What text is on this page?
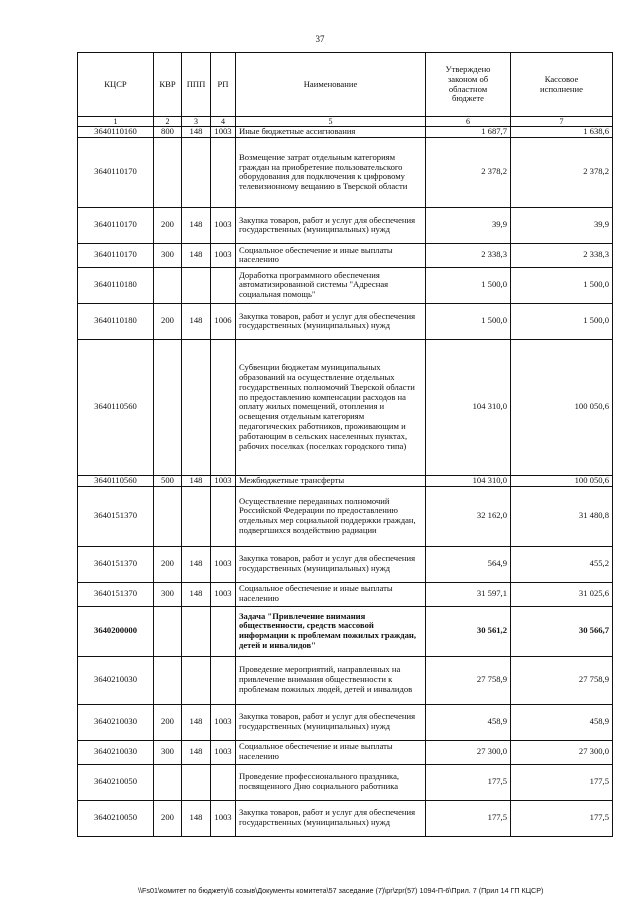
37
КЦСР	КВР	ППП	РП	Наименование	Утверждено законом об областном бюджете	Кассовое исполнение
1	2	3	4	5	6	7
3640110160	800	148	1003	Иные бюджетные ассигнования	1 687,7	1 638,6
3640110170				Возмещение затрат отдельным категориям граждан на приобретение пользовательского оборудования для подключения к цифровому телевизионному вещанию в Тверской области	2 378,2	2 378,2
3640110170	200	148	1003	Закупка товаров, работ и услуг для обеспечения государственных (муниципальных) нужд	39,9	39,9
3640110170	300	148	1003	Социальное обеспечение и иные выплаты населению	2 338,3	2 338,3
3640110180				Доработка программного обеспечения автоматизированной системы "Адресная социальная помощь"	1 500,0	1 500,0
3640110180	200	148	1006	Закупка товаров, работ и услуг для обеспечения государственных (муниципальных) нужд	1 500,0	1 500,0
3640110560				Субвенции бюджетам муниципальных образований на осуществление отдельных государственных полномочий Тверской области по предоставлению компенсации расходов на оплату жилых помещений, отопления и освещения отдельным категориям педагогических работников, проживающим и работающим в сельских населенных пунктах, рабочих поселках (поселках городского типа)	104 310,0	100 050,6
3640110560	500	148	1003	Межбюджетные трансферты	104 310,0	100 050,6
3640151370				Осуществление переданных полномочий Российской Федерации по предоставлению отдельных мер социальной поддержки граждан, подвергшихся воздействию радиации	32 162,0	31 480,8
3640151370	200	148	1003	Закупка товаров, работ и услуг для обеспечения государственных (муниципальных) нужд	564,9	455,2
3640151370	300	148	1003	Социальное обеспечение и иные выплаты населению	31 597,1	31 025,6
3640200000				Задача "Привлечение внимания общественности, средств массовой информации к проблемам пожилых граждан, детей и инвалидов"	30 561,2	30 566,7
3640210030				Проведение мероприятий, направленных на привлечение внимания общественности к проблемам пожилых людей, детей и инвалидов	27 758,9	27 758,9
3640210030	200	148	1003	Закупка товаров, работ и услуг для обеспечения государственных (муниципальных) нужд	458,9	458,9
3640210030	300	148	1003	Социальное обеспечение и иные выплаты населению	27 300,0	27 300,0
3640210050				Проведение профессионального праздника, посвященного Дню социального работника	177,5	177,5
3640210050	200	148	1003	Закупка товаров, работ и услуг для обеспечения государственных (муниципальных) нужд	177,5	177,5
\\Fs01\комитет по бюджету\6 созыв\Документы комитета\57 заседание (7)\pr\zpr(57) 1094-П-6\Прил. 7 (Прил 14 ГП КЦСР)
